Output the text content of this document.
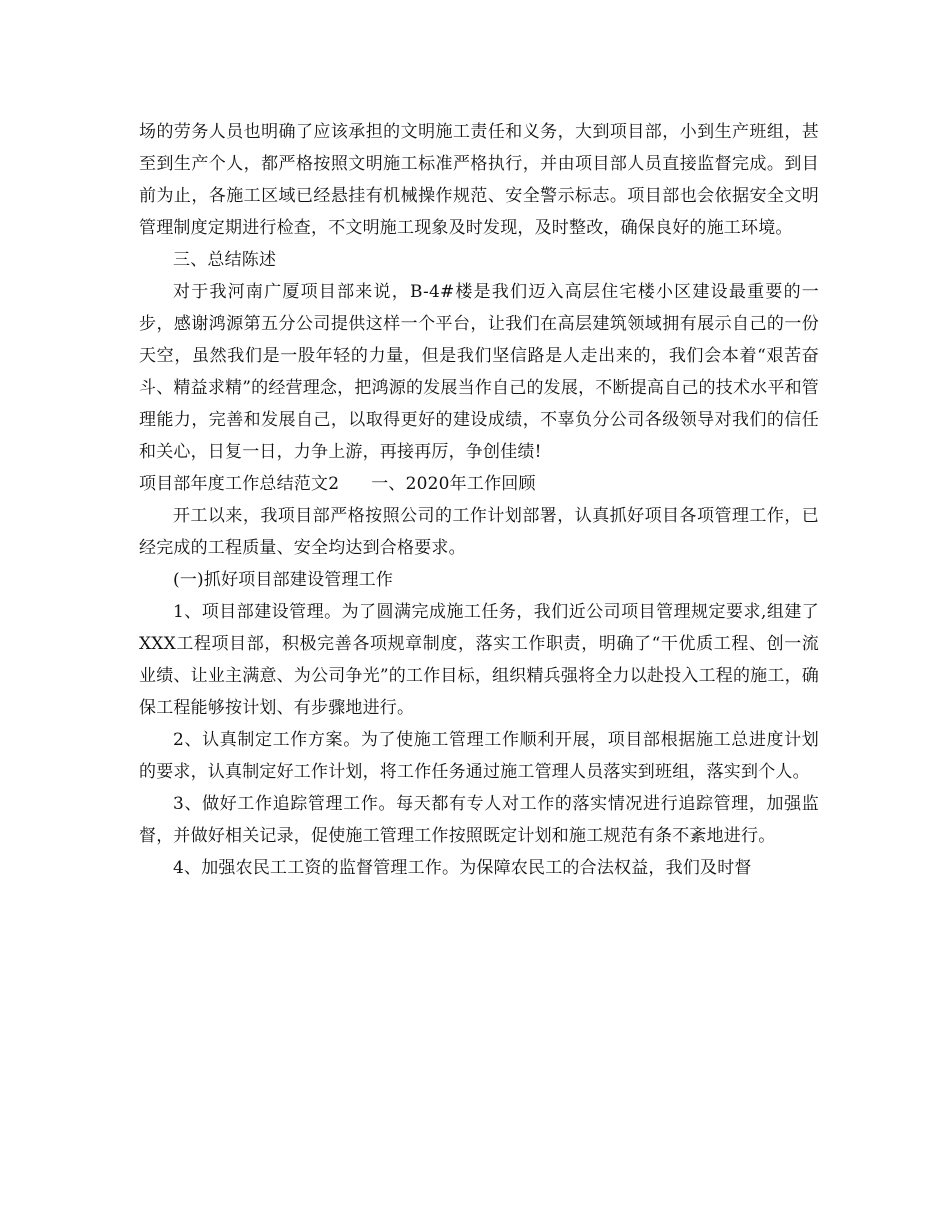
场的劳务人员也明确了应该承担的文明施工责任和义务，大到项目部，小到生产班组，甚至到生产个人，都严格按照文明施工标准严格执行，并由项目部人员直接监督完成。到目前为止，各施工区域已经悬挂有机械操作规范、安全警示标志。项目部也会依据安全文明管理制度定期进行检查，不文明施工现象及时发现，及时整改，确保良好的施工环境。

三、总结陈述

对于我河南广厦项目部来说，B-4#楼是我们迈入高层住宅楼小区建设最重要的一步，感谢鸿源第五分公司提供这样一个平台，让我们在高层建筑领域拥有展示自己的一份天空，虽然我们是一股年轻的力量，但是我们坚信路是人走出来的，我们会本着“艰苦奋斗、精益求精”的经营理念，把鸿源的发展当作自己的发展，不断提高自己的技术水平和管理能力，完善和发展自己，以取得更好的建设成绩，不辜负分公司各级领导对我们的信任和关心，日复一日，力争上游，再接再厉，争创佳绩!

项目部年度工作总结范文2 一、2020年工作回顾

开工以来，我项目部严格按照公司的工作计划部署，认真抓好项目各项管理工作，已经完成的工程质量、安全均达到合格要求。

(一)抓好项目部建设管理工作

1、项目部建设管理。为了圆满完成施工任务，我们近公司项目管理规定要求,组建了XXX工程项目部，积极完善各项规章制度，落实工作职责，明确了“干优质工程、创一流业绩、让业主满意、为公司争光”的工作目标，组织精兵强将全力以赴投入工程的施工，确保工程能够按计划、有步骤地进行。

2、认真制定工作方案。为了使施工管理工作顺利开展，项目部根据施工总进度计划的要求，认真制定好工作计划，将工作任务通过施工管理人员落实到班组，落实到个人。

3、做好工作追踪管理工作。每天都有专人对工作的落实情况进行追踪管理，加强监督，并做好相关记录，促使施工管理工作按照既定计划和施工规范有条不紊地进行。

4、加强农民工工资的监督管理工作。为保障农民工的合法权益，我们及时督
